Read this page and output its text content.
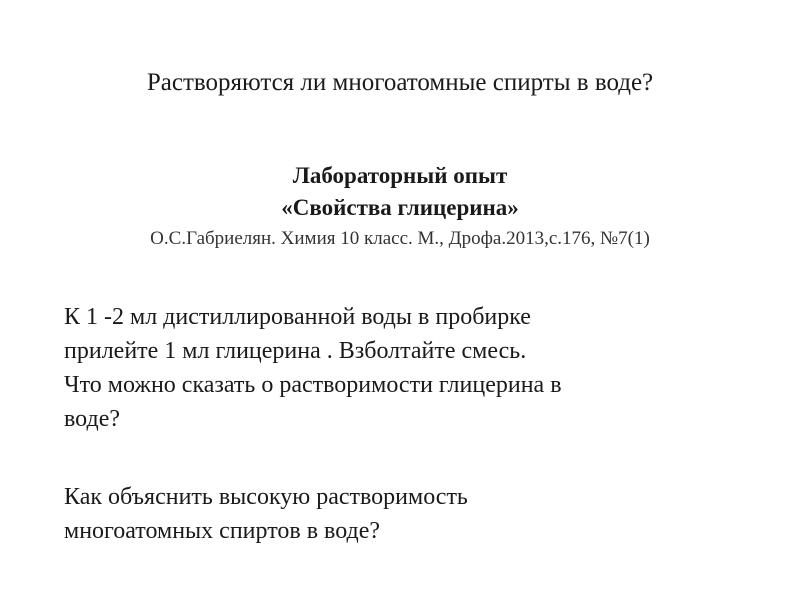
Растворяются ли многоатомные спирты в воде?
Лабораторный опыт
«Свойства глицерина»
О.С.Габриелян. Химия 10 класс. М., Дрофа.2013,с.176, №7(1)
К 1 -2 мл дистиллированной воды в пробирке
прилейте 1 мл глицерина . Взболтайте смесь.
Что можно сказать о растворимости глицерина в
воде?
Как объяснить высокую растворимость
многоатомных спиртов в воде?
